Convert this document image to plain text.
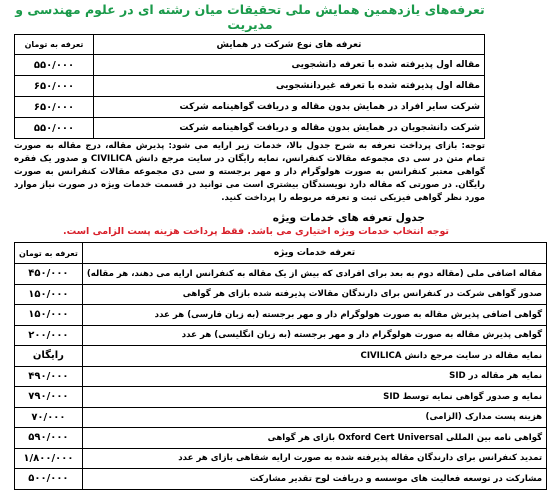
تعرفه‌های یازدهمین همایش ملی تحقیقات میان رشته ای در علوم مهندسی و مدیریت
تعرفه های نوع شرکت در همایش	تعرفه به تومان
مقاله اول پذیرفته شده با تعرفه دانشجویی	۵۵۰/۰۰۰
مقاله اول پذیرفته شده با تعرفه غیردانشجویی	۶۵۰/۰۰۰
شرکت سایر افراد در همایش بدون مقاله و دریافت گواهینامه شرکت	۶۵۰/۰۰۰
شرکت دانشجویان در همایش بدون مقاله و دریافت گواهینامه شرکت	۵۵۰/۰۰۰
توجه: بازای پرداخت تعرفه به شرح جدول بالا، خدمات زیر ارایه می شود: پذیرش مقاله، درج مقاله به صورت تمام متن در سی دی مجموعه مقالات کنفرانس، نمایه رایگان در سایت مرجع دانش CIVILICA و صدور یک فقره گواهی معتبر کنفرانس به صورت هولوگرام دار و مهر برجسته و سی دی مجموعه مقالات کنفرانس به صورت رایگان. در صورتی که مقاله دارد نویسندگان بیشتری است می توانید در قسمت خدمات ویژه در صورت نیاز موارد مورد نظر گواهی فیزیکی ثبت و تعرفه مربوطه را پرداخت کنید.
جدول تعرفه های خدمات ویژه
توجه انتخاب خدمات ویژه اختیاری می باشد. فقط پرداخت هزینه پست الزامی است.
تعرفه خدمات ویژه	تعرفه به تومان
مقاله اضافی ملی (مقاله دوم به بعد برای افرادی که بیش از یک مقاله به کنفرانس ارایه می دهند، هر مقاله)	۴۵۰/۰۰۰
صدور گواهی شرکت در کنفرانس برای دارندگان مقالات پذیرفته شده بازای هر گواهی	۱۵۰/۰۰۰
گواهی اضافی پذیرش مقاله به صورت هولوگرام دار و مهر برجسته (به زبان فارسی) هر عدد	۱۵۰/۰۰۰
گواهی پذیرش مقاله به صورت هولوگرام دار و مهر برجسته (به زبان انگلیسی) هر عدد	۲۰۰/۰۰۰
نمایه مقاله در سایت مرجع دانش CIVILICA	رایگان
نمایه هر مقاله در SID	۴۹۰/۰۰۰
نمایه و صدور گواهی نمایه توسط SID	۷۹۰/۰۰۰
هزینه پست مدارک (الزامی)	۷۰/۰۰۰
گواهی نامه بین المللی Oxford Cert Universal بازای هر گواهی	۵۹۰/۰۰۰
تمدید کنفرانس برای دارندگان مقاله پذیرفته شده به صورت ارایه شفاهی بازای هر عدد	۱/۸۰۰/۰۰۰
مشارکت در توسعه فعالیت های موسسه و دریافت لوح تقدیر مشارکت	۵۰۰/۰۰۰
